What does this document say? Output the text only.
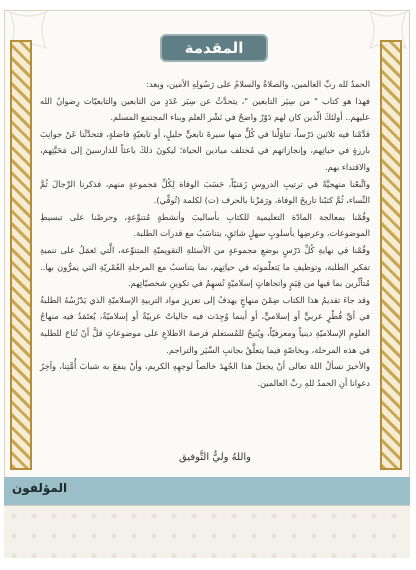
المقدمة

الحمدُ لله ربِّ العالمين، والصلاةُ والسلامُ على رَسُولِهِ الأمين، وبعد:

فهذا هو كتاب " من سِيَر التابعين "، يتحدَّثُ عن سِيَر عَدَدٍ من التابعين والتابعيّات رِضوانُ الله عليهم.. أولئكَ الّذين كان لهم دَوْرٌ واضحٌ في نَشْر العلم وبناء المجتمع المسلم.

قدَّمْنا فيه ثلاثين دَرْساً، تناوَلْنا في كُلٍّ منها سيرةَ تابعيٍّ جليلٍ، أو تابعيّةٍ فاضلةٍ، فتحدَّثْنا عَنْ جوانِبَ بارزةٍ في حياتِهم، وإنجازاتهم في مُختلف ميادين الحياة؛ ليكونَ ذلكَ باعثاً للدارسينَ إلى مَحَبَّتِهم، والاقتداء بهم.

واتَّبعْنا منهجيَّةً في ترتيبِ الدروسِ زَمَنيّاً، حَسَبَ الوفاة لِكُلِّ مَجموعةٍ منهم، فذكرنا الرِّجالَ ثُمَّ النِّساء، ثُمَّ كتبْنا تاريخَ الوفاة، ورَمَزْنا بالحرف (ت) لكلمة (تُوفِّي).

وقُمْنا بمعالجة المادّة التعليمية للكتابِ بأساليبَ وأنشطةٍ مُتنوِّعةٍ، وحرصْنا على تبسيطِ الموضوعات، وعرضِها بأسلوبٍ سهلٍ شائقٍ، يتناسَبُ مع قدرات الطلبة.

وقُمْنا في نهايةِ كُلِّ دَرْسٍ بوضعِ مجموعةٍ من الأسئلةِ التقويميّةِ المتنوِّعة، الَّتي تَعمَلُ على تنميةِ تفكيرِ الطلبة، وتوظيفِ ما يَتعلّمونَه في حياتِهم، بما يتناسبُ مع المرحلةِ العُمْريّةِ التي يمرُّون بها.. مُتأثِّرين بما فيها من قِيَمٍ واتجاهاتٍ إسلاميّةٍ تُسهِمُ في تكوينِ شخصيّاتِهم.

وقد جاءَ تقديمُ هذا الكتاب ضِمْنَ منهاجٍ يهدفُ إلى تعزيزِ مواد التربيةِ الإسلاميّةِ الذي يَدْرُسُهُ الطلبةُ في أيِّ قُطْرٍ عربيٍّ أو إسلاميٍّ، أو أينما وُجِدَت فيه جالياتٌ عربيّةٌ أو إسلاميّةٌ، يُعتَمَدُ فيه منهاجُ العلومِ الإسلاميّةِ دينياً ومعرفيّاً، ويُتيحُ للمُستعلم فرصةَ الاطلاعِ على موضوعاتٍ قلَّ أنْ تُتاحَ للطلبة في هذه المرحلة، وبخاصّةٍ فيما يتعلَّقُ بجانبِ السِّيَر والتراجم.

والأخيرَ نسألُ اللهَ تعالى أنْ يجعلَ هذا الجُهدَ خالصاً لوجهِهِ الكريم، وأنْ ينفعَ به شبابَ أُمَّتِنا، وآخِرُ دعوانا أنِ الحمدُ للهِ ربِّ العالمين.

واللهُ وليُّ التَّوفيق
المؤلفون
